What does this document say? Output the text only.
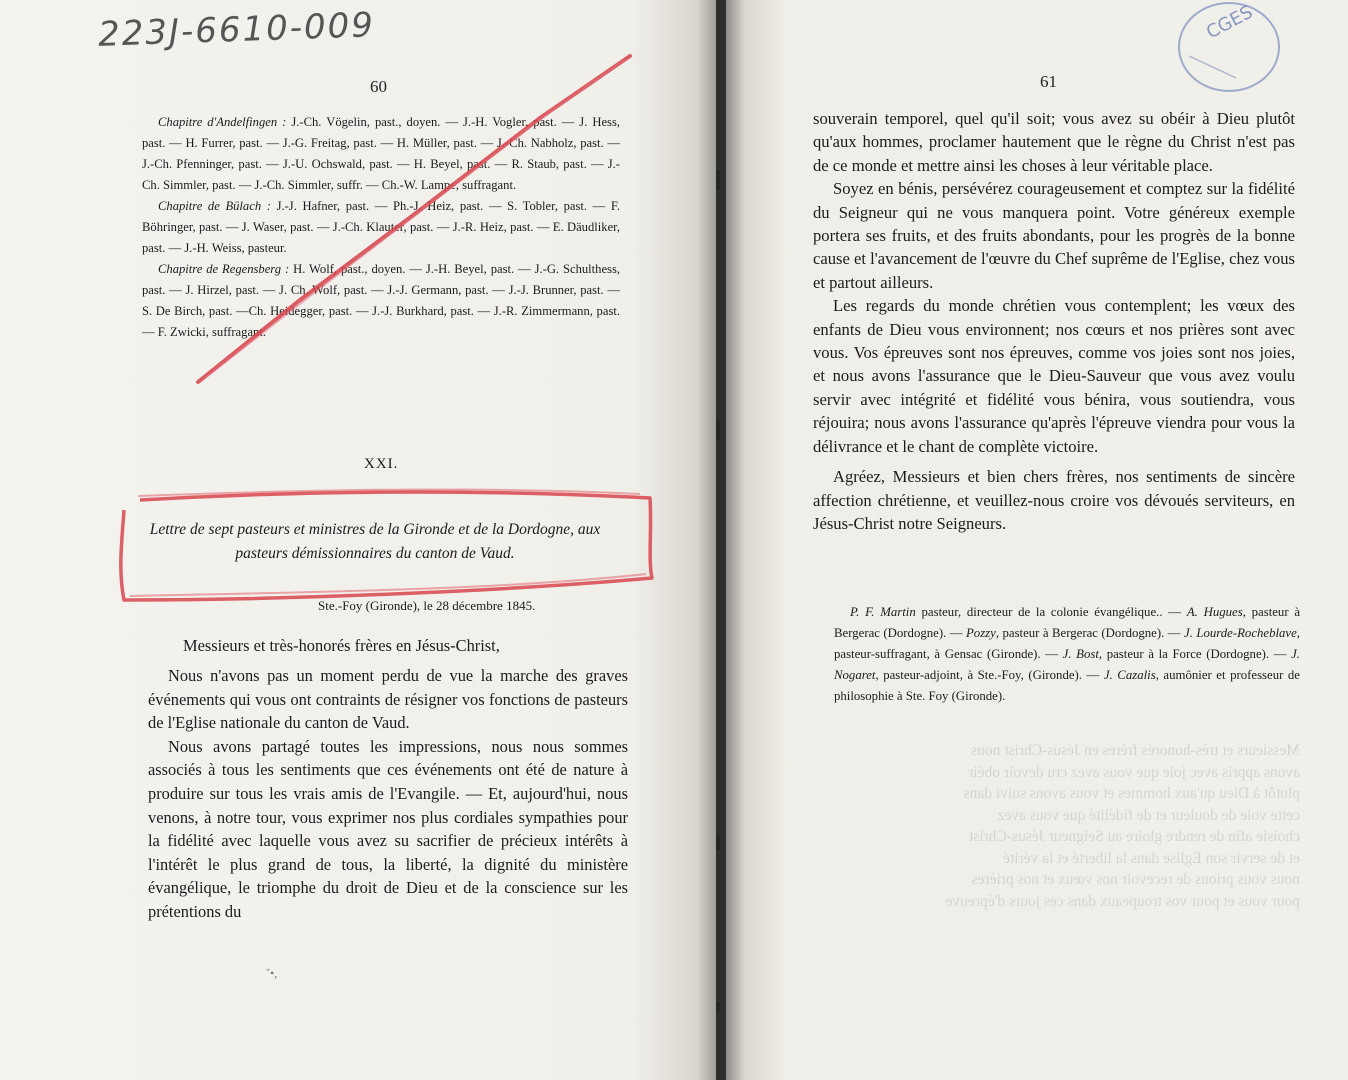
223J-6610-009
60

Chapitre d'Andelfingen : J.-Ch. Vögelin, past., doyen. — J.-H. Vogler, past. — J. Hess, past. — H. Furrer, past. — J.-G. Freitag, past. — H. Müller, past. — J.-Ch. Nabholz, past. — J.-Ch. Pfenninger, past. — J.-U. Ochswald, past. — H. Beyel, past. — R. Staub, past. — J.-Ch. Simmler, past. — J.-Ch. Simmler, suffr. — Ch.-W. Lampe, suffragant.

Chapitre de Bülach : J.-J. Hafner, past. — Ph.-J. Heiz, past. — S. Tobler, past. — F. Böhringer, past. — J. Waser, past. — J.-Ch. Klauter, past. — J.-R. Heiz, past. — E. Däudliker, past. — J.-H. Weiss, pasteur.

Chapitre de Regensberg : H. Wolf, past., doyen. — J.-H. Beyel, past. — J.-G. Schulthess, past. — J. Hirzel, past. — J. Ch. Wolf, past. — J.-J. Germann, past. — J.-J. Brunner, past. — S. De Birch, past. —Ch. Heidegger, past. — J.-J. Burkhard, past. — J.-R. Zimmermann, past. — F. Zwicki, suffragant.

XXI.
Lettre de sept pasteurs et ministres de la Gironde et de la Dordogne, aux pasteurs démissionnaires du canton de Vaud.
Ste.-Foy (Gironde), le 28 décembre 1845.
Messieurs et très-honorés frères en Jésus-Christ,

Nous n'avons pas un moment perdu de vue la marche des graves événements qui vous ont contraints de résigner vos fonctions de pasteurs de l'Eglise nationale du canton de Vaud.

Nous avons partagé toutes les impressions, nous nous sommes associés à tous les sentiments que ces événements ont été de nature à produire sur tous les vrais amis de l'Evangile. — Et, aujourd'hui, nous venons, à notre tour, vous exprimer nos plus cordiales sympathies pour la fidélité avec laquelle vous avez su sacrifier de précieux intérêts à l'intérêt le plus grand de tous, la liberté, la dignité du ministère évangélique, le triomphe du droit de Dieu et de la conscience sur les prétentions du

ˇ•,
Messieurs et très-honorés frères en Jésus-Christ nous
avons appris avec joie que vous avez cru devoir obéir
plutôt à Dieu qu'aux hommes et vous avons suivi dans
cette voie de douleur et de fidélité que vous avez
choisie afin de rendre gloire au Seigneur Jésus-Christ
et de servir son Eglise dans la liberté et la vérité
nous vous prions de recevoir nos vœux et nos prières
pour vous et pour vos troupeaux dans ces jours d'épreuve
61

souverain temporel, quel qu'il soit; vous avez su obéir à Dieu plutôt qu'aux hommes, proclamer hautement que le règne du Christ n'est pas de ce monde et mettre ainsi les choses à leur véritable place.

Soyez en bénis, persévérez courageusement et comptez sur la fidélité du Seigneur qui ne vous manquera point. Votre généreux exemple portera ses fruits, et des fruits abondants, pour les progrès de la bonne cause et l'avancement de l'œuvre du Chef suprême de l'Eglise, chez vous et partout ailleurs.

Les regards du monde chrétien vous contemplent; les vœux des enfants de Dieu vous environnent; nos cœurs et nos prières sont avec vous. Vos épreuves sont nos épreuves, comme vos joies sont nos joies, et nous avons l'assurance que le Dieu-Sauveur que vous avez voulu servir avec intégrité et fidélité vous bénira, vous soutiendra, vous réjouira; nous avons l'assurance qu'après l'épreuve viendra pour vous la délivrance et le chant de complète victoire.

Agréez, Messieurs et bien chers frères, nos sentiments de sincère affection chrétienne, et veuillez-nous croire vos dévoués serviteurs, en Jésus-Christ notre Seigneurs.

P. F. Martin pasteur, directeur de la colonie évangélique.. — A. Hugues, pasteur à Bergerac (Dordogne). — Pozzy, pasteur à Bergerac (Dordogne). — J. Lourde-Rocheblave, pasteur-suffragant, à Gensac (Gironde). — J. Bost, pasteur à la Force (Dordogne). — J. Nogaret, pasteur-adjoint, à Ste.-Foy, (Gironde). — J. Cazalis, aumônier et professeur de philosophie à Ste. Foy (Gironde).
CGES
